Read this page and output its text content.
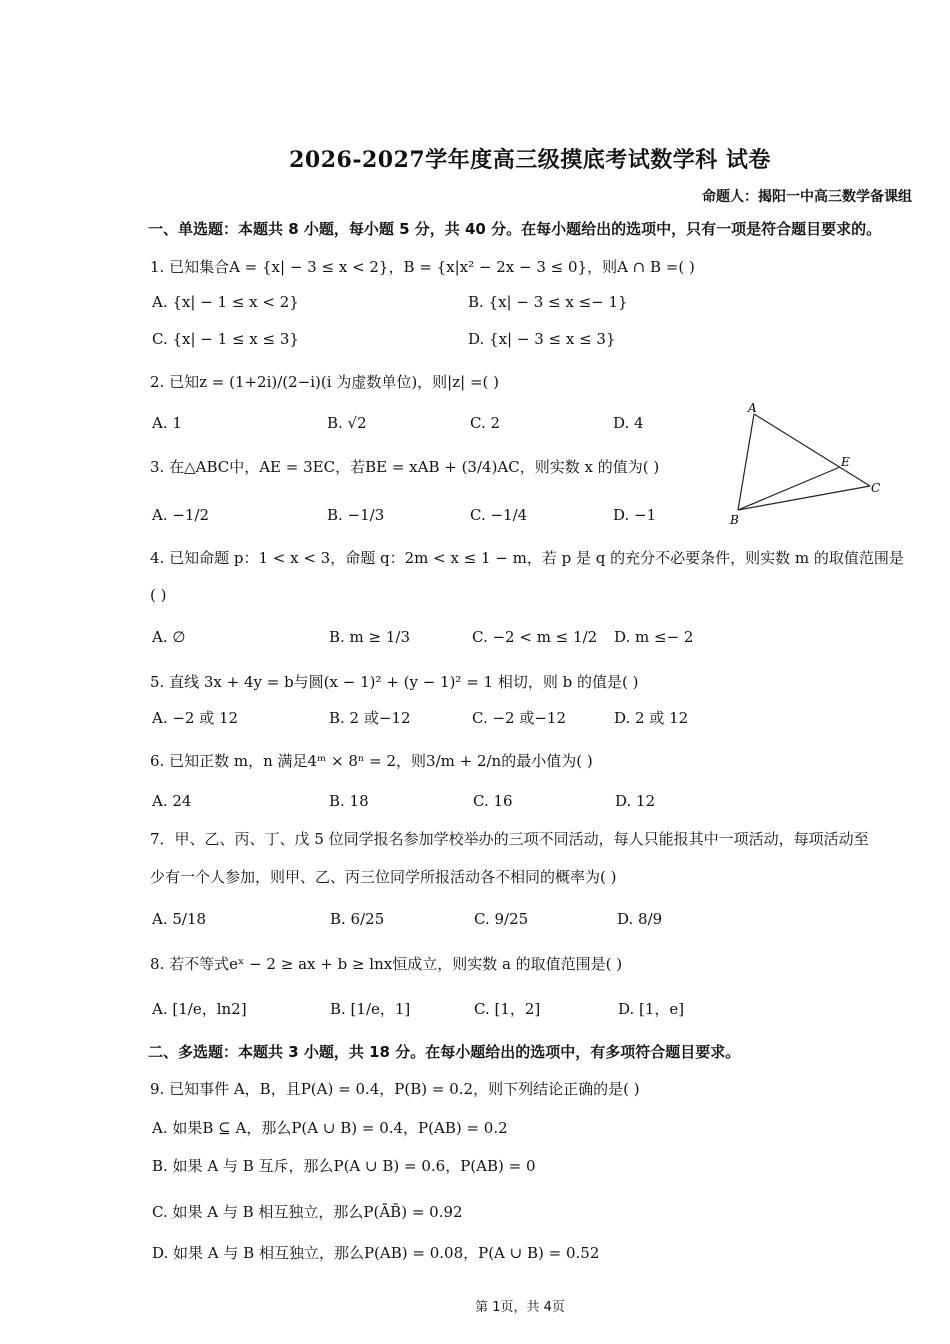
2026-2027学年度高三级摸底考试数学科 试卷
命题人：揭阳一中高三数学备课组
一、单选题：本题共 8 小题，每小题 5 分，共 40 分。在每小题给出的选项中，只有一项是符合题目要求的。
1. 已知集合A = {x| − 3 ≤ x < 2}，B = {x|x² − 2x − 3 ≤ 0}，则A ∩ B =( )
A. {x| − 1 ≤ x < 2}	B. {x| − 3 ≤ x ≤− 1}
C. {x| − 1 ≤ x ≤ 3}	D. {x| − 3 ≤ x ≤ 3}
2. 已知z = (1+2i)/(2−i)(i 为虚数单位)，则|z| =( )
A. 1	B. √2	C. 2	D. 4
3. 在△ABC中，AE = 3EC，若BE = xAB + (3/4)AC，则实数 x 的值为( )
A. −1/2	B. −1/3	C. −1/4	D. −1
A
B
C
E
4. 已知命题 p：1 < x < 3，命题 q：2m < x ≤ 1 − m，若 p 是 q 的充分不必要条件，则实数 m 的取值范围是
( )
A. ∅	B. m ≥ 1/3	C. −2 < m ≤ 1/2 D. m ≤− 2
5. 直线 3x + 4y = b与圆(x − 1)² + (y − 1)² = 1 相切，则 b 的值是( )
A. −2 或 12	B. 2 或−12	C. −2 或−12	D. 2 或 12
6. 已知正数 m，n 满足4ᵐ × 8ⁿ = 2，则3/m + 2/n的最小值为( )
A. 24	B. 18	C. 16	D. 12
7．甲、乙、丙、丁、戊 5 位同学报名参加学校举办的三项不同活动，每人只能报其中一项活动，每项活动至
少有一个人参加，则甲、乙、丙三位同学所报活动各不相同的概率为( )
A. 5/18	B. 6/25	C. 9/25	D. 8/9
8. 若不等式eˣ − 2 ≥ ax + b ≥ lnx恒成立，则实数 a 的取值范围是( )
A. [1/e，ln2]	B. [1/e，1]	C. [1，2]	D. [1，e]
二、多选题：本题共 3 小题，共 18 分。在每小题给出的选项中，有多项符合题目要求。
9. 已知事件 A，B，且P(A) = 0.4，P(B) = 0.2，则下列结论正确的是( )
A. 如果B ⊆ A，那么P(A ∪ B) = 0.4，P(AB) = 0.2
B. 如果 A 与 B 互斥，那么P(A ∪ B) = 0.6，P(AB) = 0
C. 如果 A 与 B 相互独立，那么P(ĀB̄) = 0.92
D. 如果 A 与 B 相互独立，那么P(AB) = 0.08，P(A ∪ B) = 0.52
第 1页，共 4页
